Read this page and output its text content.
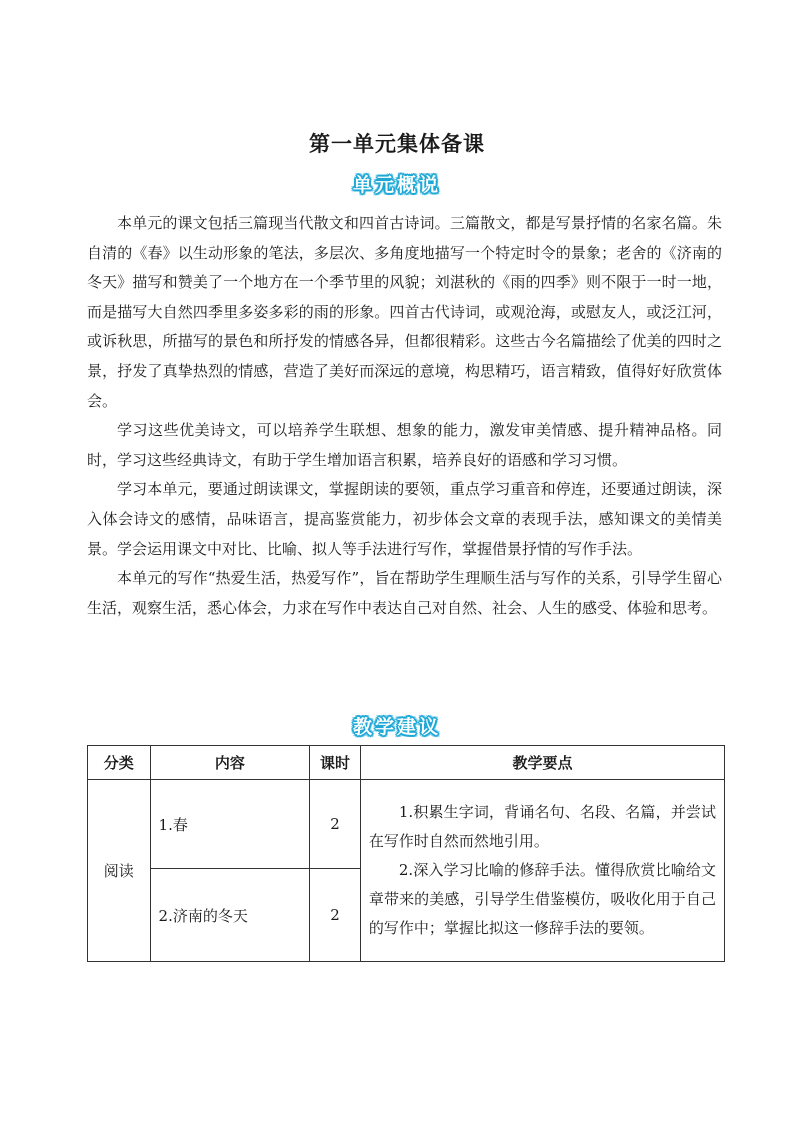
第一单元集体备课
单元概说

本单元的课文包括三篇现当代散文和四首古诗词。三篇散文，都是写景抒情的名家名篇。朱自清的《春》以生动形象的笔法，多层次、多角度地描写一个特定时令的景象；老舍的《济南的冬天》描写和赞美了一个地方在一个季节里的风貌；刘湛秋的《雨的四季》则不限于一时一地，而是描写大自然四季里多姿多彩的雨的形象。四首古代诗词，或观沧海，或慰友人，或泛江河，或诉秋思，所描写的景色和所抒发的情感各异，但都很精彩。这些古今名篇描绘了优美的四时之景，抒发了真挚热烈的情感，营造了美好而深远的意境，构思精巧，语言精致，值得好好欣赏体会。

学习这些优美诗文，可以培养学生联想、想象的能力，激发审美情感、提升精神品格。同时，学习这些经典诗文，有助于学生增加语言积累，培养良好的语感和学习习惯。

学习本单元，要通过朗读课文，掌握朗读的要领，重点学习重音和停连，还要通过朗读，深入体会诗文的感情，品味语言，提高鉴赏能力，初步体会文章的表现手法，感知课文的美情美景。学会运用课文中对比、比喻、拟人等手法进行写作，掌握借景抒情的写作手法。

本单元的写作“热爱生活，热爱写作”，旨在帮助学生理顺生活与写作的关系，引导学生留心生活，观察生活，悉心体会，力求在写作中表达自己对自然、社会、人生的感受、体验和思考。

教学建议
分类	内容	课时	教学要点
阅读	1.春	2	1.积累生字词，背诵名句、名段、名篇，并尝试在写作时自然而然地引用。

2.深入学习比喻的修辞手法。懂得欣赏比喻给文章带来的美感，引导学生借鉴模仿，吸收化用于自己的写作中；掌握比拟这一修辞手法的要领。

	2.济南的冬天	2	
